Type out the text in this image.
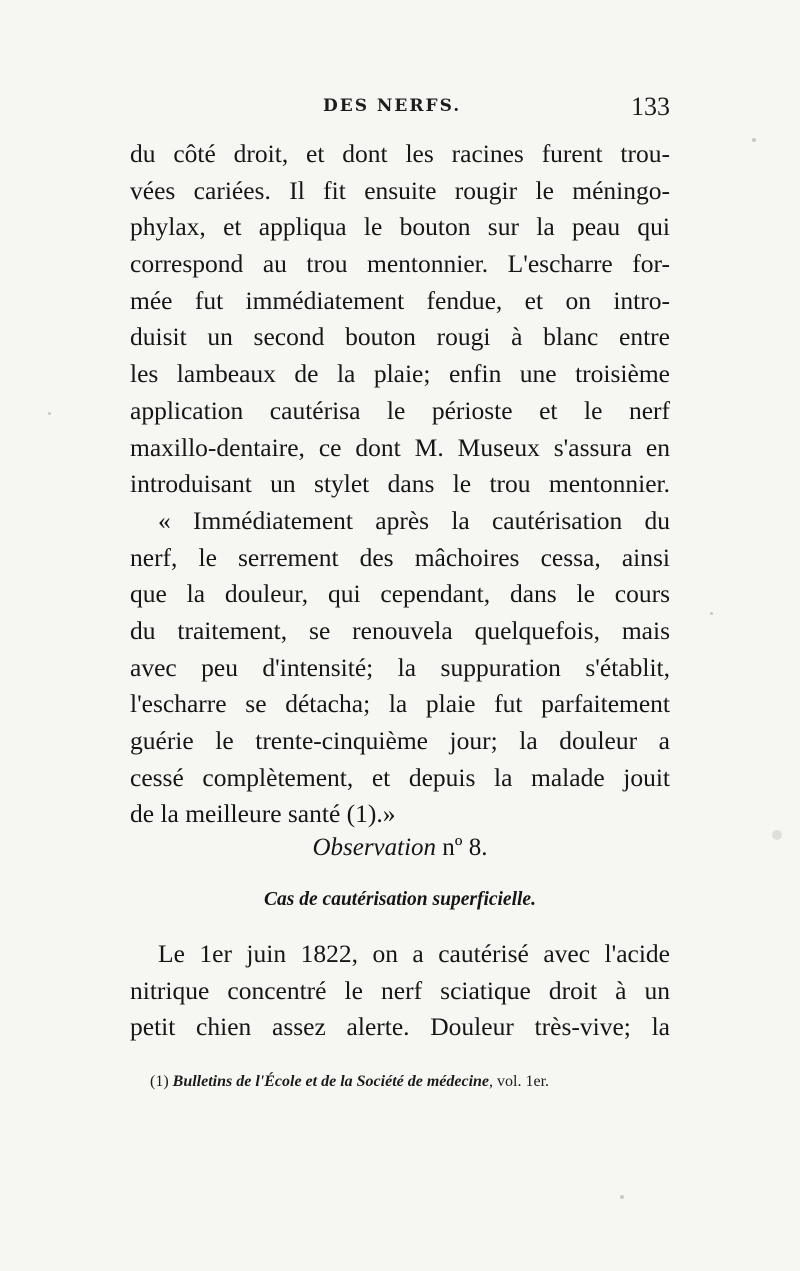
DES NERFS.	133
du côté droit, et dont les racines furent trou-
vées cariées. Il fit ensuite rougir le méningo-
phylax, et appliqua le bouton sur la peau qui
correspond au trou mentonnier. L'escharre for-
mée fut immédiatement fendue, et on intro-
duisit un second bouton rougi à blanc entre
les lambeaux de la plaie; enfin une troisième
application cautérisa le périoste et le nerf
maxillo-dentaire, ce dont M. Museux s'assura en
introduisant un stylet dans le trou mentonnier.
« Immédiatement après la cautérisation du
nerf, le serrement des mâchoires cessa, ainsi
que la douleur, qui cependant, dans le cours
du traitement, se renouvela quelquefois, mais
avec peu d'intensité; la suppuration s'établit,
l'escharre se détacha; la plaie fut parfaitement
guérie le trente-cinquième jour; la douleur a
cessé complètement, et depuis la malade jouit
de la meilleure santé (1).»
Observation nº 8.
Cas de cautérisation superficielle.
Le 1er juin 1822, on a cautérisé avec l'acide
nitrique concentré le nerf sciatique droit à un
petit chien assez alerte. Douleur très-vive; la
(1) Bulletins de l'École et de la Société de médecine, vol. 1er.
